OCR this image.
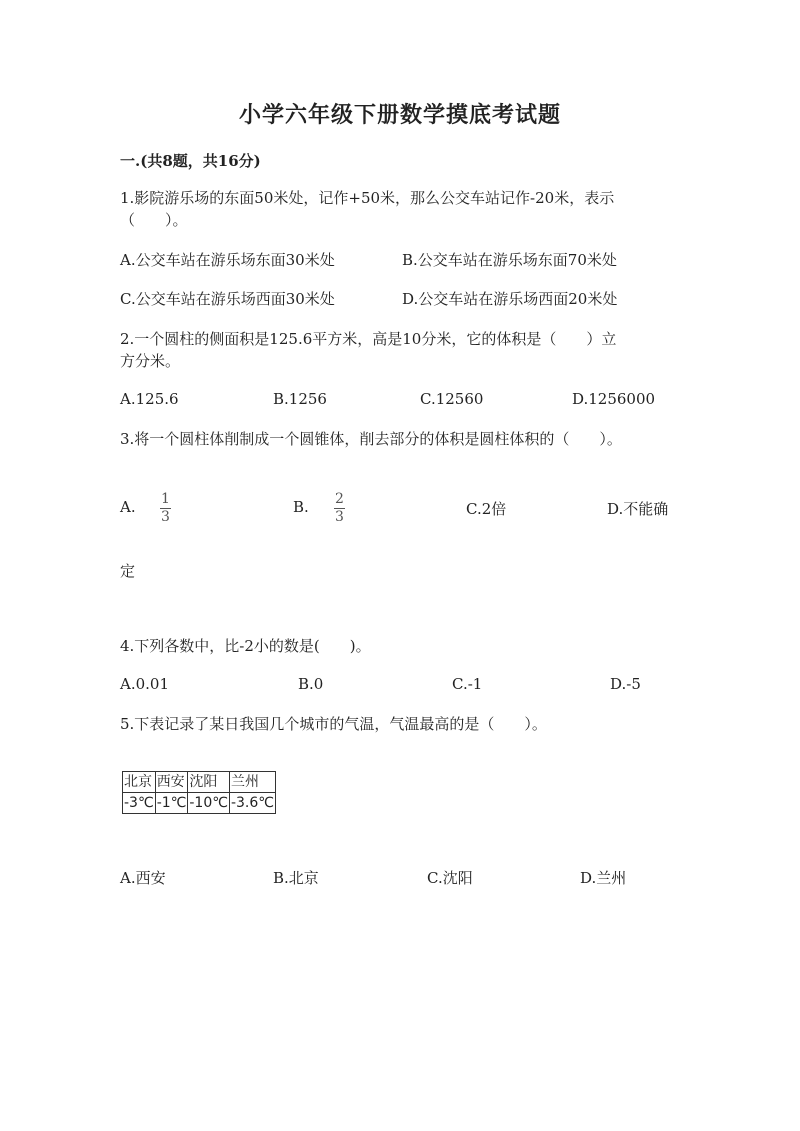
小学六年级下册数学摸底考试题
一.(共8题，共16分)
1.影院游乐场的东面50米处，记作+50米，那么公交车站记作-20米，表示
（　　）。
A.公交车站在游乐场东面30米处	B.公交车站在游乐场东面70米处
C.公交车站在游乐场西面30米处	D.公交车站在游乐场西面20米处
2.一个圆柱的侧面积是125.6平方米，高是10分米，它的体积是（　　）立
方分米。
A.125.6	B.1256	C.12560	D.1256000
3.将一个圆柱体削制成一个圆锥体，削去部分的体积是圆柱体积的（　　）。
A. 1
3
B. 2
3	C.2倍	D.不能确
定
4.下列各数中，比-2小的数是(　　)。
A.0.01	B.0	C.-1	D.-5
5.下表记录了某日我国几个城市的气温，气温最高的是（　　）。
北京	西安	沈阳	兰州
-3℃	-1℃	-10℃	-3.6℃
A.西安	B.北京	C.沈阳	D.兰州
